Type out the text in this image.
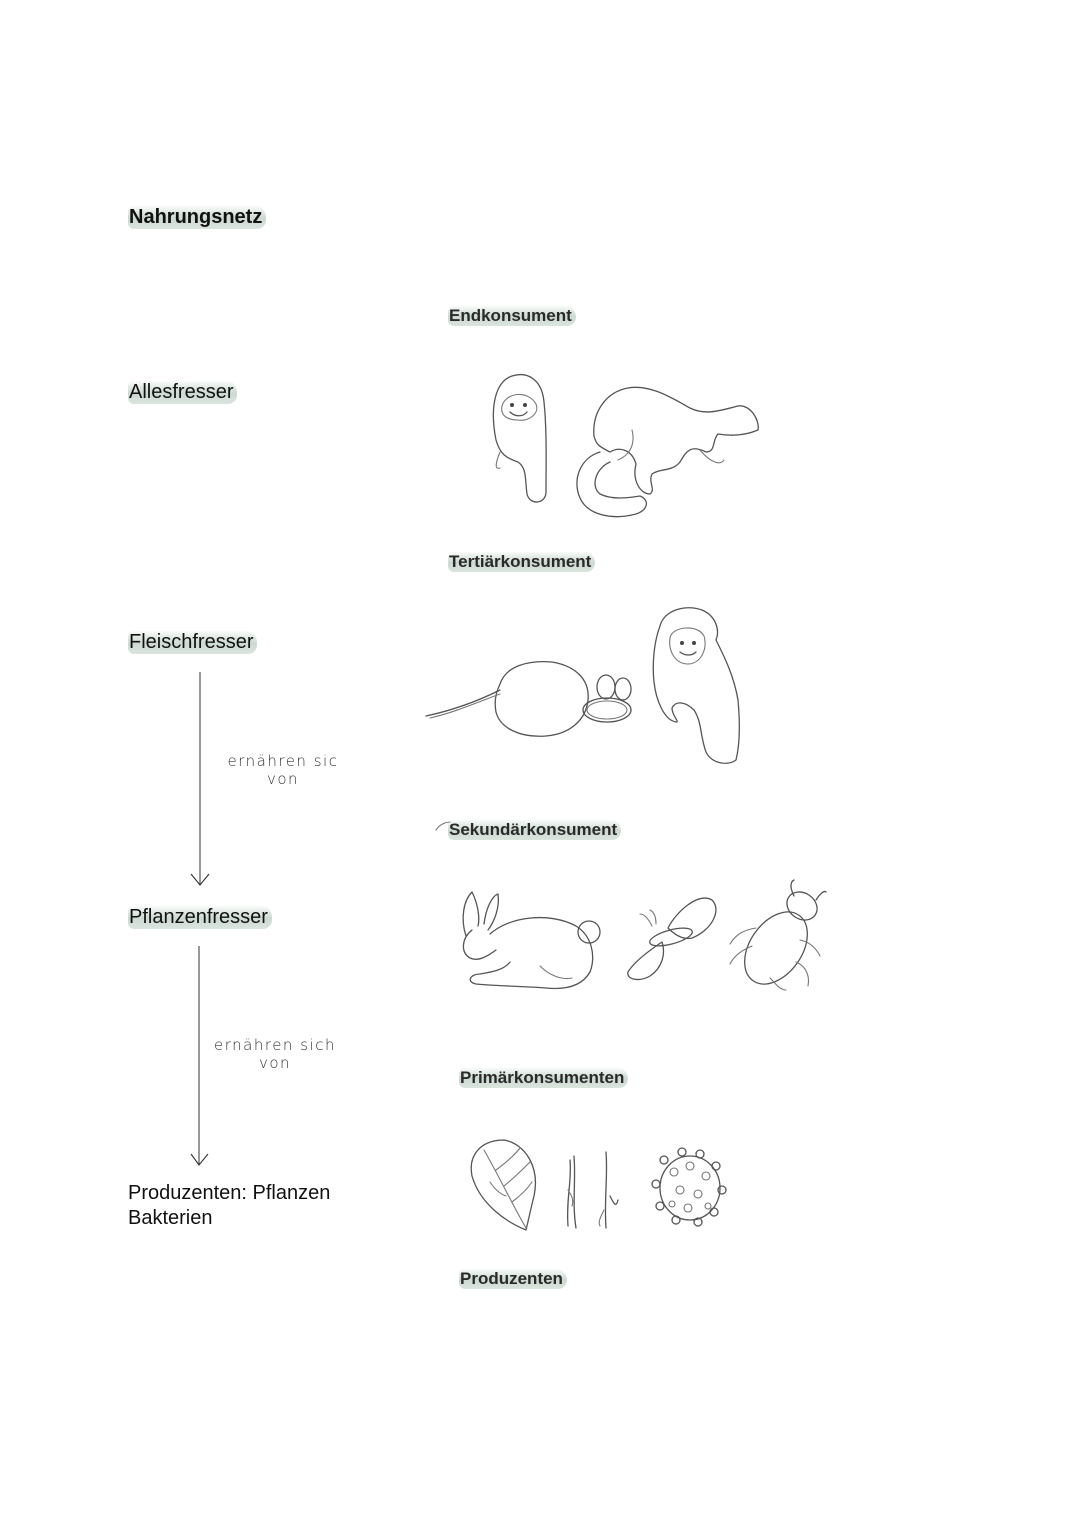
Nahrungsnetz
Allesfresser
Fleischfresser
Pflanzenfresser
Produzenten: Pflanzen
Bakterien
ernähren sic
von
ernähren sich
von
Endkonsument
Tertiärkonsument
Sekundärkonsument
Primärkonsumenten
Produzenten
